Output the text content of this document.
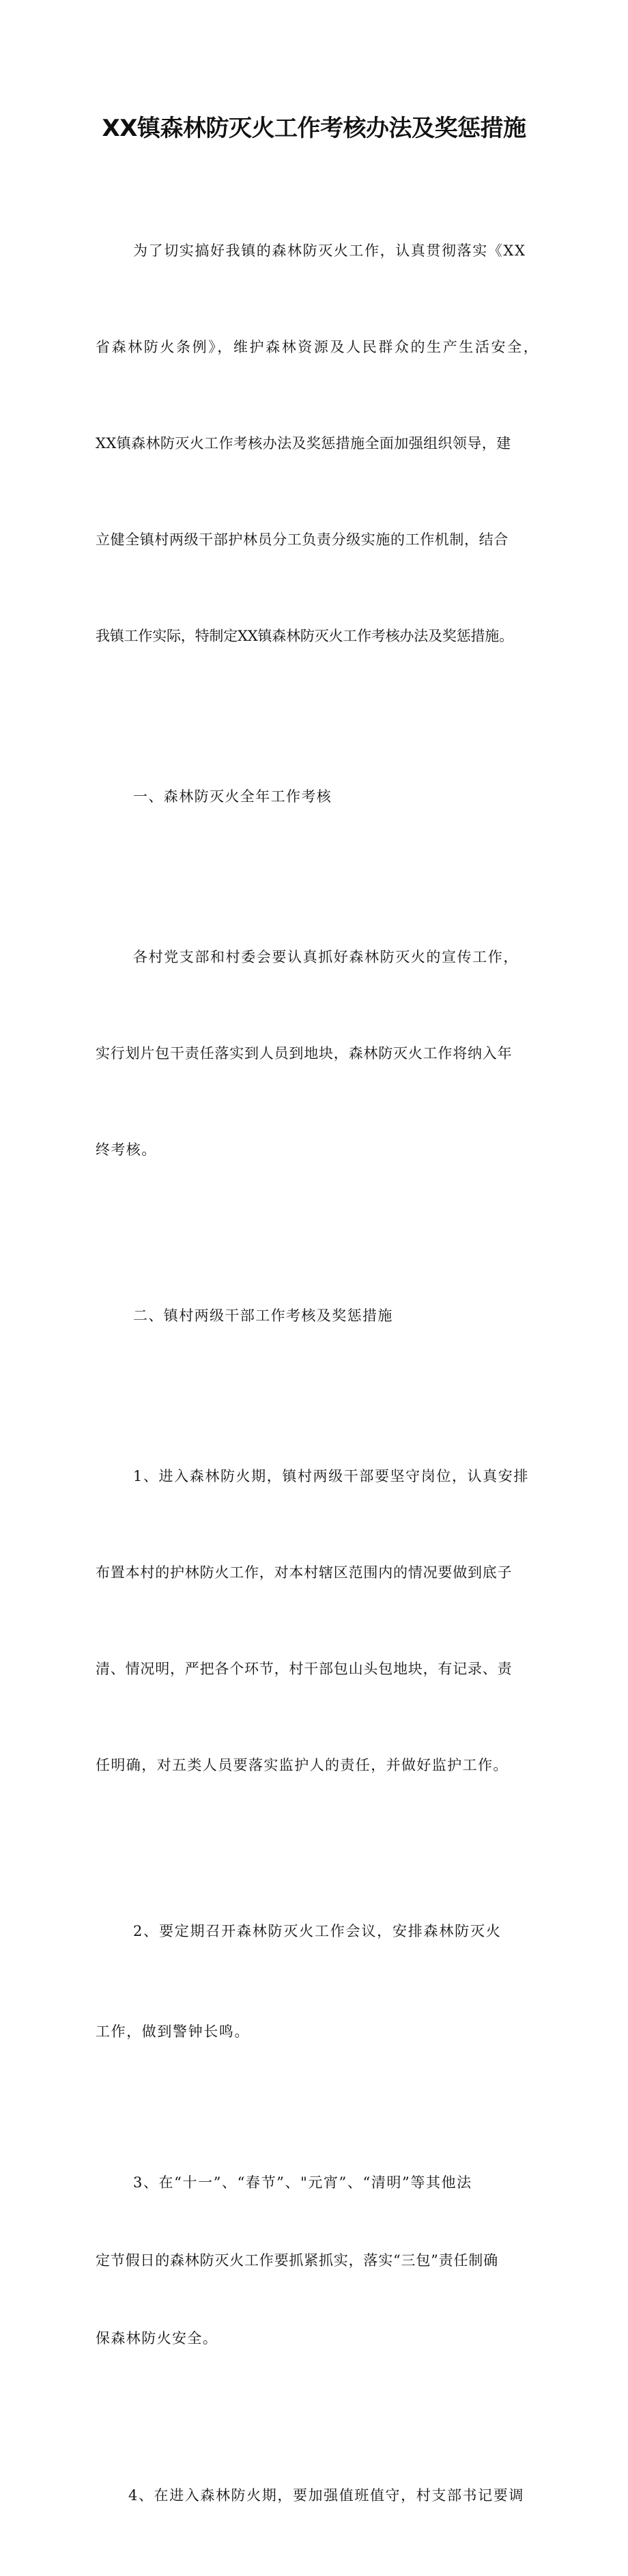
XX镇森林防灭火工作考核办法及奖惩措施

为了切实搞好我镇的森林防灭火工作，认真贯彻落实《XX

省森林防火条例》，维护森林资源及人民群众的生产生活安全，

XX镇森林防灭火工作考核办法及奖惩措施全面加强组织领导，建

立健全镇村两级干部护林员分工负责分级实施的工作机制，结合

我镇工作实际，特制定XX镇森林防灭火工作考核办法及奖惩措施。

一、森林防灭火全年工作考核

各村党支部和村委会要认真抓好森林防灭火的宣传工作，

实行划片包干责任落实到人员到地块，森林防灭火工作将纳入年

终考核。

二、镇村两级干部工作考核及奖惩措施

1、进入森林防火期，镇村两级干部要坚守岗位，认真安排

布置本村的护林防火工作，对本村辖区范围内的情况要做到底子

清、情况明，严把各个环节，村干部包山头包地块，有记录、责

任明确，对五类人员要落实监护人的责任，并做好监护工作。

2、要定期召开森林防灭火工作会议，安排森林防灭火

工作，做到警钟长鸣。

3、在“十一”、“春节”、"元宵”、“清明”等其他法

定节假日的森林防灭火工作要抓紧抓实，落实“三包”责任制确

保森林防火安全。

4、在进入森林防火期，要加强值班值守，村支部书记要调
